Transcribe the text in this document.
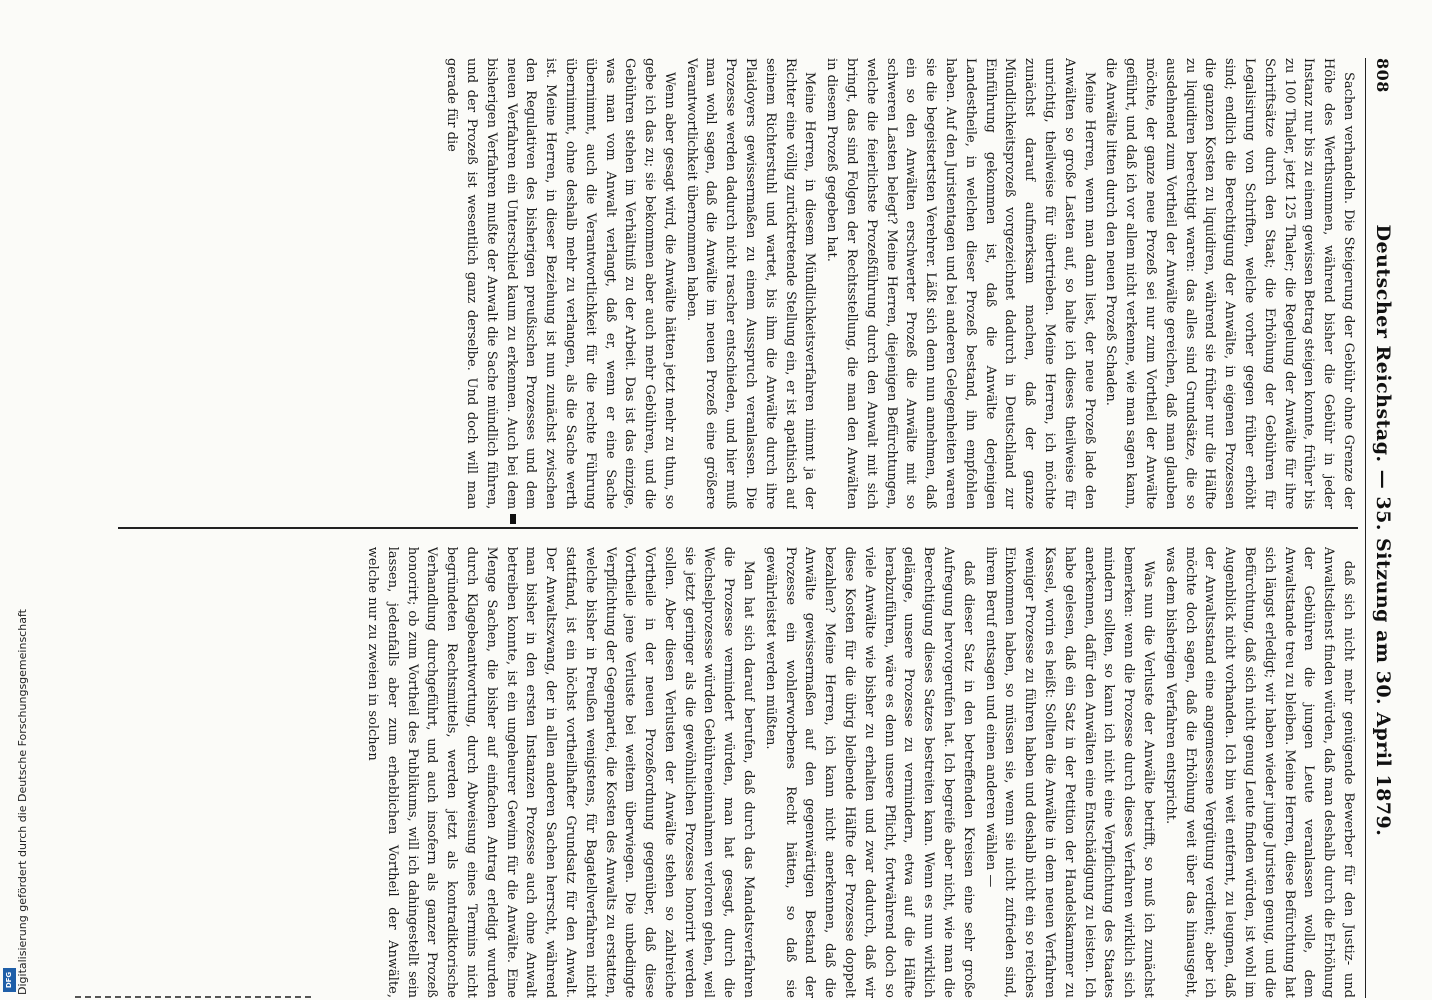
808
Deutscher Reichstag. — 35. Sitzung am 30. April 1879.

Sachen verhandeln. Die Steigerung der Gebühr ohne Grenze der Höhe des Werthsummen, während bisher die Gebühr in jeder Instanz nur bis zu einem gewissen Betrag steigen konnte, früher bis zu 100 Thaler, jetzt 125 Thaler; die Regelung der Anwälte für ihre Schriftsätze durch den Staat; die Erhöhung der Gebühren für Legalisirung von Schriften, welche vorher gegen früher erhöht sind; endlich die Berechtigung der Anwälte, in eigenen Prozessen die ganzen Kosten zu liquidiren, während sie früher nur die Hälfte zu liquidiren berechtigt waren: das alles sind Grundsätze, die so ausdehnend zum Vortheil der Anwälte gereichen, daß man glauben möchte, der ganze neue Prozeß sei nur zum Vortheil der Anwälte geführt, und daß ich vor allem nicht verkenne, wie man sagen kann, die Anwälte litten durch den neuen Prozeß Schaden.

Meine Herren, wenn man dann liest, der neue Prozeß lade den Anwälten so große Lasten auf, so halte ich dieses theilweise für unrichtig, theilweise für übertrieben. Meine Herren, ich möchte zunächst darauf aufmerksam machen, daß der ganze Mündlichkeitsprozeß vorgezeichnet dadurch in Deutschland zur Einführung gekommen ist, daß die Anwälte derjenigen Landestheile, in welchen dieser Prozeß bestand, ihn empfohlen haben. Auf den Juristentagen und bei anderen Gelegenheiten waren sie die begeistertsten Verehrer. Läßt sich denn nun annehmen, daß ein so den Anwälten erschwerter Prozeß die Anwälte mit so schweren Lasten belegt? Meine Herren, diejenigen Befürchtungen, welche die feierlichste Prozeßführung durch den Anwalt mit sich bringt, das sind Folgen der Rechtsstellung, die man den Anwälten in diesem Prozeß gegeben hat.

Meine Herren, in diesem Mündlichkeitsverfahren nimmt ja der Richter eine völlig zurücktretende Stellung ein, er ist apathisch auf seinem Richterstuhl und wartet, bis ihm die Anwälte durch ihre Plaidoyers gewissermaßen zu einem Ausspruch veranlassen. Die Prozesse werden dadurch nicht rascher entschieden, und hier muß man wohl sagen, daß die Anwälte im neuen Prozeß eine größere Verantwortlichkeit übernommen haben.

Wenn aber gesagt wird, die Anwälte hätten jetzt mehr zu thun, so gebe ich das zu; sie bekommen aber auch mehr Gebühren, und die Gebühren stehen im Verhältniß zu der Arbeit. Das ist das einzige, was man vom Anwalt verlangt, daß er, wenn er eine Sache übernimmt, auch die Verantwortlichkeit für die rechte Führung übernimmt, ohne deshalb mehr zu verlangen, als die Sache werth ist. Meine Herren, in dieser Beziehung ist nun zunächst zwischen den Regulativen des bisherigen preußischen Prozesses und dem neuen Verfahren ein Unterschied kaum zu erkennen. Auch bei dem bisherigen Verfahren mußte der Anwalt die Sache mündlich führen, und der Prozeß ist wesentlich ganz derselbe. Und doch will man gerade für die

daß sich nicht mehr genügende Bewerber für den Justiz- und Anwaltsdienst finden würden, daß man deshalb durch die Erhöhung der Gebühren die jungen Leute veranlassen wolle, dem Anwaltstande treu zu bleiben. Meine Herren, diese Befürchtung hat sich längst erledigt; wir haben wieder junge Juristen genug, und die Befürchtung, daß sich nicht genug Leute finden würden, ist wohl im Augenblick nicht vorhanden. Ich bin weit entfernt, zu leugnen, daß der Anwaltsstand eine angemessene Vergütung verdient; aber ich möchte doch sagen, daß die Erhöhung weit über das hinausgeht, was dem bisherigen Verfahren entspricht.

Was nun die Verluste der Anwälte betrifft, so muß ich zunächst bemerken: wenn die Prozesse durch dieses Verfahren wirklich sich mindern sollten, so kann ich nicht eine Verpflichtung des Staates anerkennen, dafür den Anwälten eine Entschädigung zu leisten. Ich habe gelesen, daß ein Satz in der Petition der Handelskammer zu Kassel, worin es heißt: Sollten die Anwälte in dem neuen Verfahren weniger Prozesse zu führen haben und deshalb nicht ein so reiches Einkommen haben, so müssen sie, wenn sie nicht zufrieden sind, ihrem Beruf entsagen und einen anderen wählen —

daß dieser Satz in den betreffenden Kreisen eine sehr große Aufregung hervorgerufen hat. Ich begreife aber nicht, wie man die Berechtigung dieses Satzes bestreiten kann. Wenn es nun wirklich gelänge, unsere Prozesse zu vermindern, etwa auf die Hälfte herabzuführen, wäre es denn unsere Pflicht, fortwährend doch so viele Anwälte wie bisher zu erhalten und zwar dadurch, daß wir diese Kosten für die übrig bleibende Hälfte der Prozesse doppelt bezahlen? Meine Herren, ich kann nicht anerkennen, daß die Anwälte gewissermaßen auf den gegenwärtigen Bestand der Prozesse ein wohlerworbenes Recht hätten, so daß sie gewährleistet werden müßten.

Man hat sich darauf berufen, daß durch das Mandatsverfahren die Prozesse vermindert würden, man hat gesagt, durch die Wechselprozesse würden Gebühreneinnahmen verloren gehen, weil sie jetzt geringer als die gewöhnlichen Prozesse honorirt werden sollen. Aber diesen Verlusten der Anwälte stehen so zahlreiche Vortheile in der neuen Prozeßordnung gegenüber, daß diese Vortheile jene Verluste bei weitem überwiegen. Die unbedingte Verpflichtung der Gegenpartei, die Kosten des Anwalts zu erstatten, welche bisher in Preußen wenigstens, für Bagatellverfahren nicht stattfand, ist ein höchst vortheilhafter Grundsatz für den Anwalt. Der Anwaltszwang, der in allen anderen Sachen herrscht, während man bisher in den ersten Instanzen Prozesse auch ohne Anwalt betreiben konnte, ist ein ungeheurer Gewinn für die Anwälte. Eine Menge Sachen, die bisher auf einfachen Antrag erledigt wurden durch Klagebeantwortung, durch Abweisung eines Termins nicht begründeten Rechtsmittels, werden jetzt als kontradiktorische Verhandlung durchgeführt, und auch insofern als ganzer Prozeß honorirt; ob zum Vortheil des Publikums, will ich dahingestellt sein lassen, jedenfalls aber zum erheblichen Vortheil der Anwälte, welche nur zu zweien in solchen

Digitalisierung gefördert durch die Deutsche Forschungsgemeinschaft
DFG
